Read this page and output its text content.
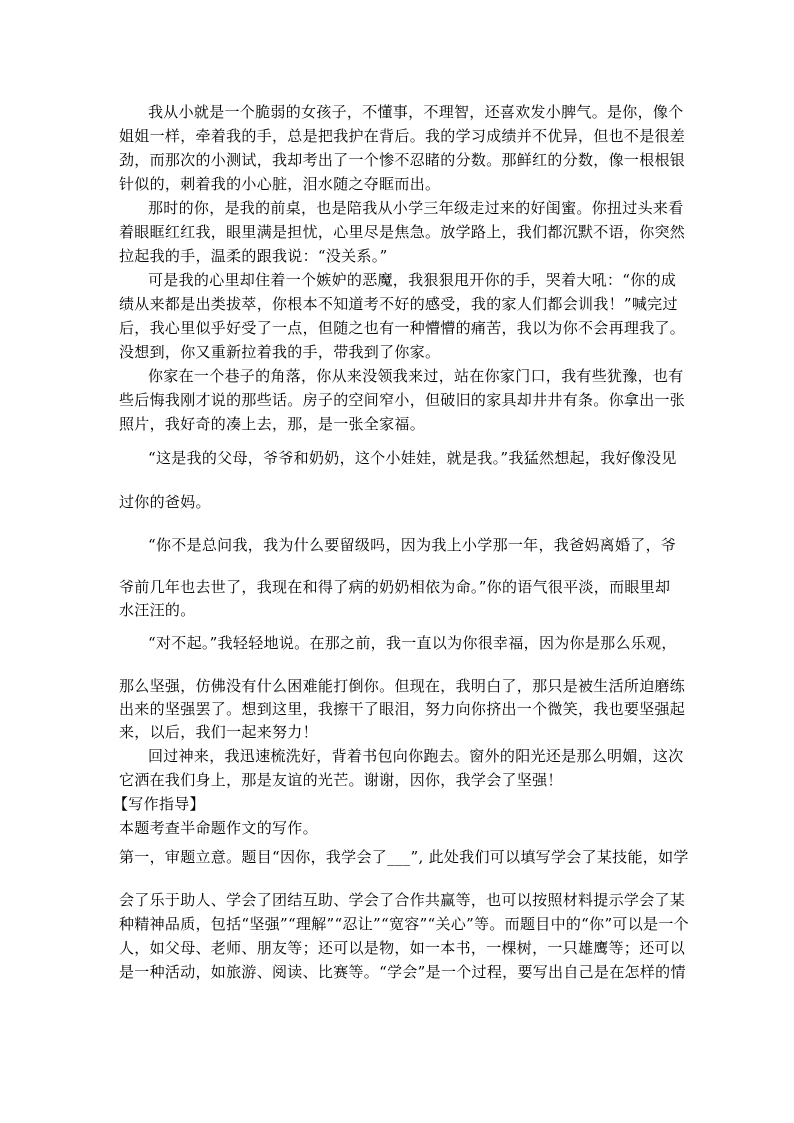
我从小就是一个脆弱的女孩子，不懂事，不理智，还喜欢发小脾气。是你，像个

姐姐一样，牵着我的手，总是把我护在背后。我的学习成绩并不优异，但也不是很差

劲，而那次的小测试，我却考出了一个惨不忍睹的分数。那鲜红的分数，像一根根银

针似的，刺着我的小心脏，泪水随之夺眶而出。

那时的你，是我的前桌，也是陪我从小学三年级走过来的好闺蜜。你扭过头来看

着眼眶红红我，眼里满是担忧，心里尽是焦急。放学路上，我们都沉默不语，你突然

拉起我的手，温柔的跟我说：“没关系。”

可是我的心里却住着一个嫉妒的恶魔，我狠狠甩开你的手，哭着大吼：“你的成

绩从来都是出类拔萃，你根本不知道考不好的感受，我的家人们都会训我！”喊完过

后，我心里似乎好受了一点，但随之也有一种懵懵的痛苦，我以为你不会再理我了。

没想到，你又重新拉着我的手，带我到了你家。

你家在一个巷子的角落，你从来没领我来过，站在你家门口，我有些犹豫，也有

些后悔我刚才说的那些话。房子的空间窄小，但破旧的家具却井井有条。你拿出一张

照片，我好奇的凑上去，那，是一张全家福。

“这是我的父母，爷爷和奶奶，这个小娃娃，就是我。”我猛然想起，我好像没见

过你的爸妈。

“你不是总问我，我为什么要留级吗，因为我上小学那一年，我爸妈离婚了，爷

爷前几年也去世了，我现在和得了病的奶奶相依为命。”你的语气很平淡，而眼里却

水汪汪的。

“对不起。”我轻轻地说。在那之前，我一直以为你很幸福，因为你是那么乐观，

那么坚强，仿佛没有什么困难能打倒你。但现在，我明白了，那只是被生活所迫磨练

出来的坚强罢了。想到这里，我擦干了眼泪，努力向你挤出一个微笑，我也要坚强起

来，以后，我们一起来努力！

回过神来，我迅速梳洗好，背着书包向你跑去。窗外的阳光还是那么明媚，这次

它洒在我们身上，那是友谊的光芒。谢谢，因你，我学会了坚强！

【写作指导】

本题考查半命题作文的写作。

第一，审题立意。题目“因你，我学会了___”, 此处我们可以填写学会了某技能，如学

会了乐于助人、学会了团结互助、学会了合作共赢等，也可以按照材料提示学会了某

种精神品质，包括“坚强”“理解”“忍让”“宽容”“关心”等。而题目中的“你”可以是一个

人，如父母、老师、朋友等；还可以是物，如一本书，一棵树，一只雄鹰等；还可以

是一种活动，如旅游、阅读、比赛等。“学会”是一个过程，要写出自己是在怎样的情
